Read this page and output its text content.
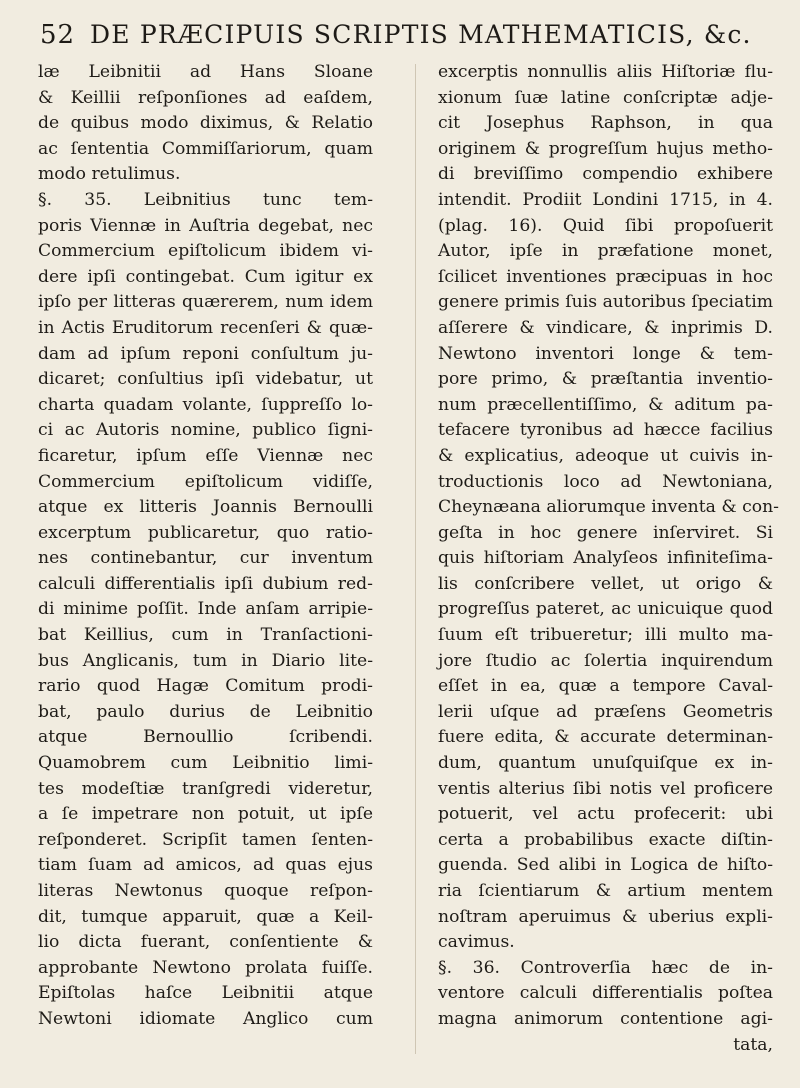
52 DE PRÆCIPUIS SCRIPTIS MATHEMATICIS, &c.

læ Leibnitii ad Hans Sloane

& Keillii reſponſiones ad eaſdem,

de quibus modo diximus, & Relatio

ac ſententia Commiſſariorum, quam

modo retulimus.

§. 35. Leibnitius tunc tem-

poris Viennæ in Auſtria degebat, nec

Commercium epiſtolicum ibidem vi-

dere ipſi contingebat. Cum igitur ex

ipſo per litteras quærerem, num idem

in Actis Eruditorum recenſeri & quæ-

dam ad ipſum reponi conſultum ju-

dicaret; conſultius ipſi videbatur, ut

charta quadam volante, ſuppreſſo lo-

ci ac Autoris nomine, publico ſigni-

ficaretur, ipſum eſſe Viennæ nec

Commercium epiſtolicum vidiſſe,

atque ex litteris Joannis Bernoulli

excerptum publicaretur, quo ratio-

nes continebantur, cur inventum

calculi differentialis ipſi dubium red-

di minime poſſit. Inde anſam arripie-

bat Keillius, cum in Tranſactioni-

bus Anglicanis, tum in Diario lite-

rario quod Hagæ Comitum prodi-

bat, paulo durius de Leibnitio

atque Bernoullio ſcribendi.

Quamobrem cum Leibnitio limi-

tes modeſtiæ tranſgredi videretur,

a ſe impetrare non potuit, ut ipſe

reſponderet. Scripſit tamen ſenten-

tiam ſuam ad amicos, ad quas ejus

literas Newtonus quoque reſpon-

dit, tumque apparuit, quæ a Keil-

lio dicta fuerant, conſentiente &

approbante Newtono prolata fuiſſe.

Epiſtolas haſce Leibnitii atque

Newtoni idiomate Anglico cum

excerptis nonnullis aliis Hiſtoriæ flu-

xionum ſuæ latine conſcriptæ adje-

cit Josephus Raphson, in qua

originem & progreſſum hujus metho-

di breviſſimo compendio exhibere

intendit. Prodiit Londini 1715, in 4.

(plag. 16). Quid ſibi propoſuerit

Autor, ipſe in præfatione monet,

ſcilicet inventiones præcipuas in hoc

genere primis ſuis autoribus ſpeciatim

aſſerere & vindicare, & inprimis D.

Newtono inventori longe & tem-

pore primo, & præſtantia inventio-

num præcellentiſſimo, & aditum pa-

tefacere tyronibus ad hæcce facilius

& explicatius, adeoque ut cuivis in-

troductionis loco ad Newtoniana,

Cheynæana aliorumque inventa & con-

geſta in hoc genere inſerviret. Si

quis hiſtoriam Analyſeos infiniteſima-

lis conſcribere vellet, ut origo &

progreſſus pateret, ac unicuique quod

ſuum eſt tribueretur; illi multo ma-

jore ſtudio ac ſolertia inquirendum

eſſet in ea, quæ a tempore Caval-

lerii uſque ad præſens Geometris

fuere edita, & accurate determinan-

dum, quantum unuſquiſque ex in-

ventis alterius ſibi notis vel proficere

potuerit, vel actu profecerit: ubi

certa a probabilibus exacte diſtin-

guenda. Sed alibi in Logica de hiſto-

ria ſcientiarum & artium mentem

noſtram aperuimus & uberius expli-

cavimus.

§. 36. Controverſia hæc de in-

ventore calculi differentialis poſtea

magna animorum contentione agi-

tata,
